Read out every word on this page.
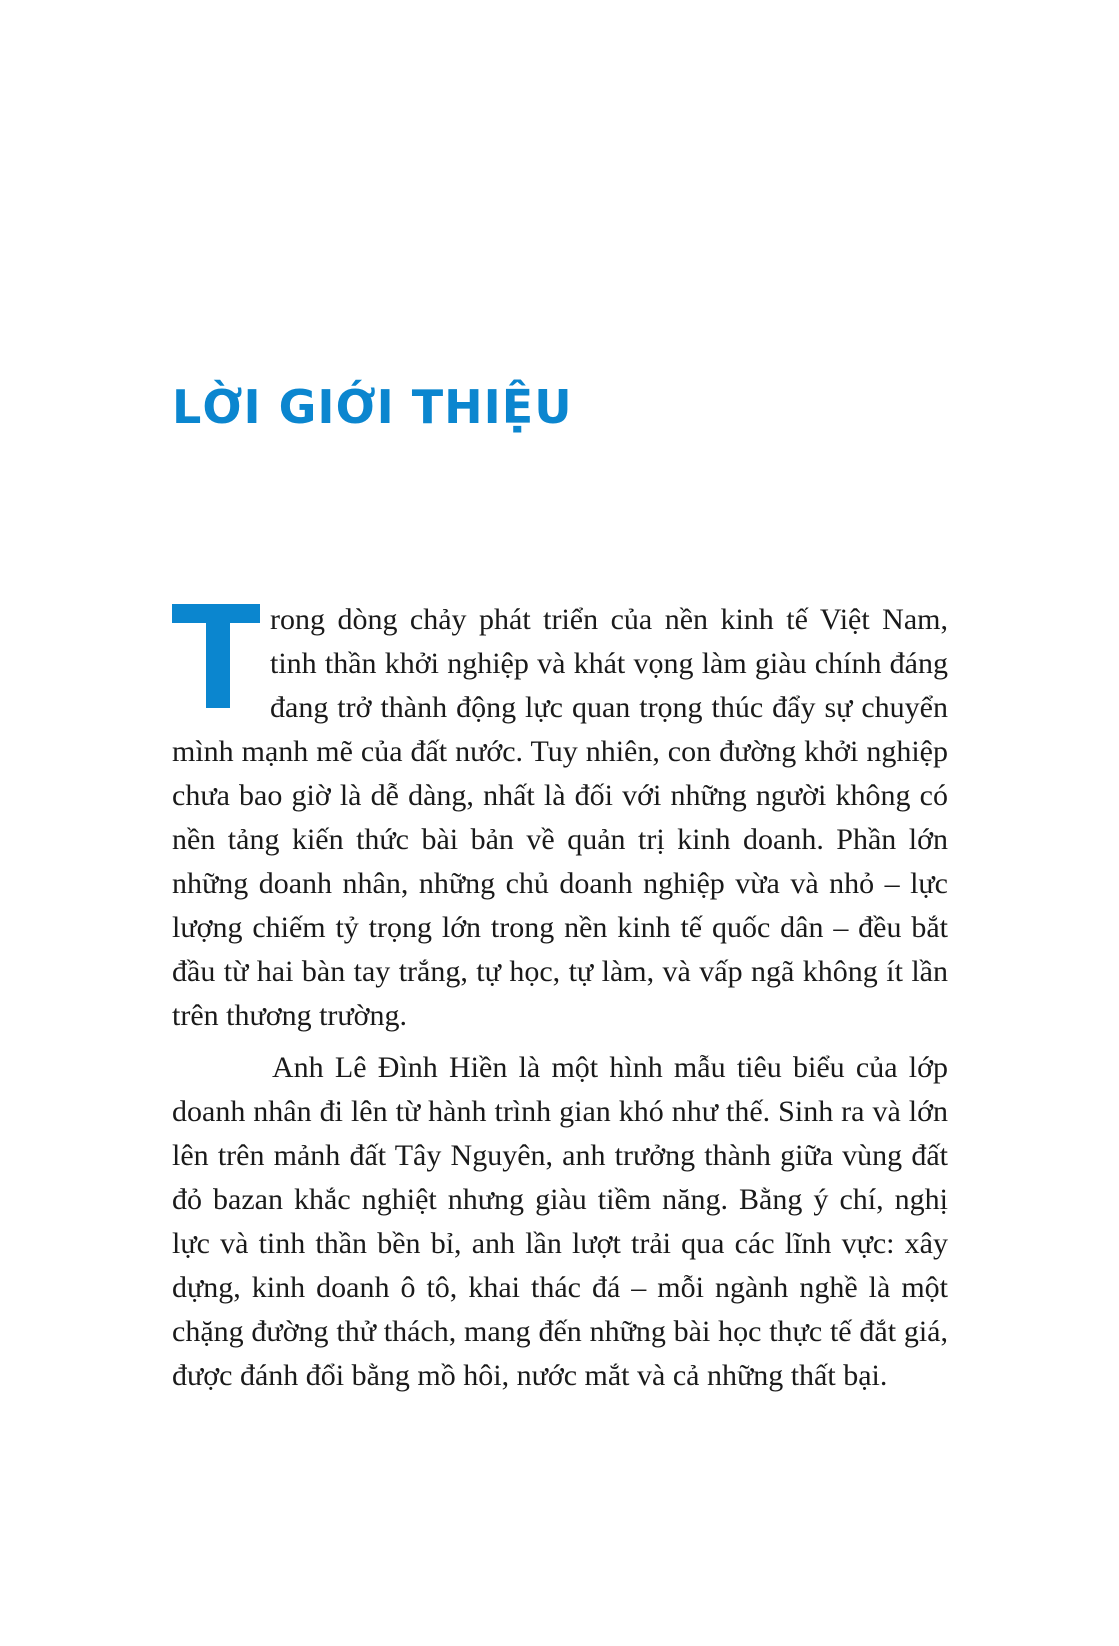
LỜI GIỚI THIỆU

rong dòng chảy phát triển của nền kinh tế Việt Nam, tinh thần khởi nghiệp và khát vọng làm giàu chính đáng đang trở thành động lực quan trọng thúc đẩy sự chuyển mình mạnh mẽ của đất nước. Tuy nhiên, con đường khởi nghiệp chưa bao giờ là dễ dàng, nhất là đối với những người không có nền tảng kiến thức bài bản về quản trị kinh doanh. Phần lớn những doanh nhân, những chủ doanh nghiệp vừa và nhỏ – lực lượng chiếm tỷ trọng lớn trong nền kinh tế quốc dân – đều bắt đầu từ hai bàn tay trắng, tự học, tự làm, và vấp ngã không ít lần trên thương trường.

Anh Lê Đình Hiền là một hình mẫu tiêu biểu của lớp doanh nhân đi lên từ hành trình gian khó như thế. Sinh ra và lớn lên trên mảnh đất Tây Nguyên, anh trưởng thành giữa vùng đất đỏ bazan khắc nghiệt nhưng giàu tiềm năng. Bằng ý chí, nghị lực và tinh thần bền bỉ, anh lần lượt trải qua các lĩnh vực: xây dựng, kinh doanh ô tô, khai thác đá – mỗi ngành nghề là một chặng đường thử thách, mang đến những bài học thực tế đắt giá, được đánh đổi bằng mồ hôi, nước mắt và cả những thất bại.
